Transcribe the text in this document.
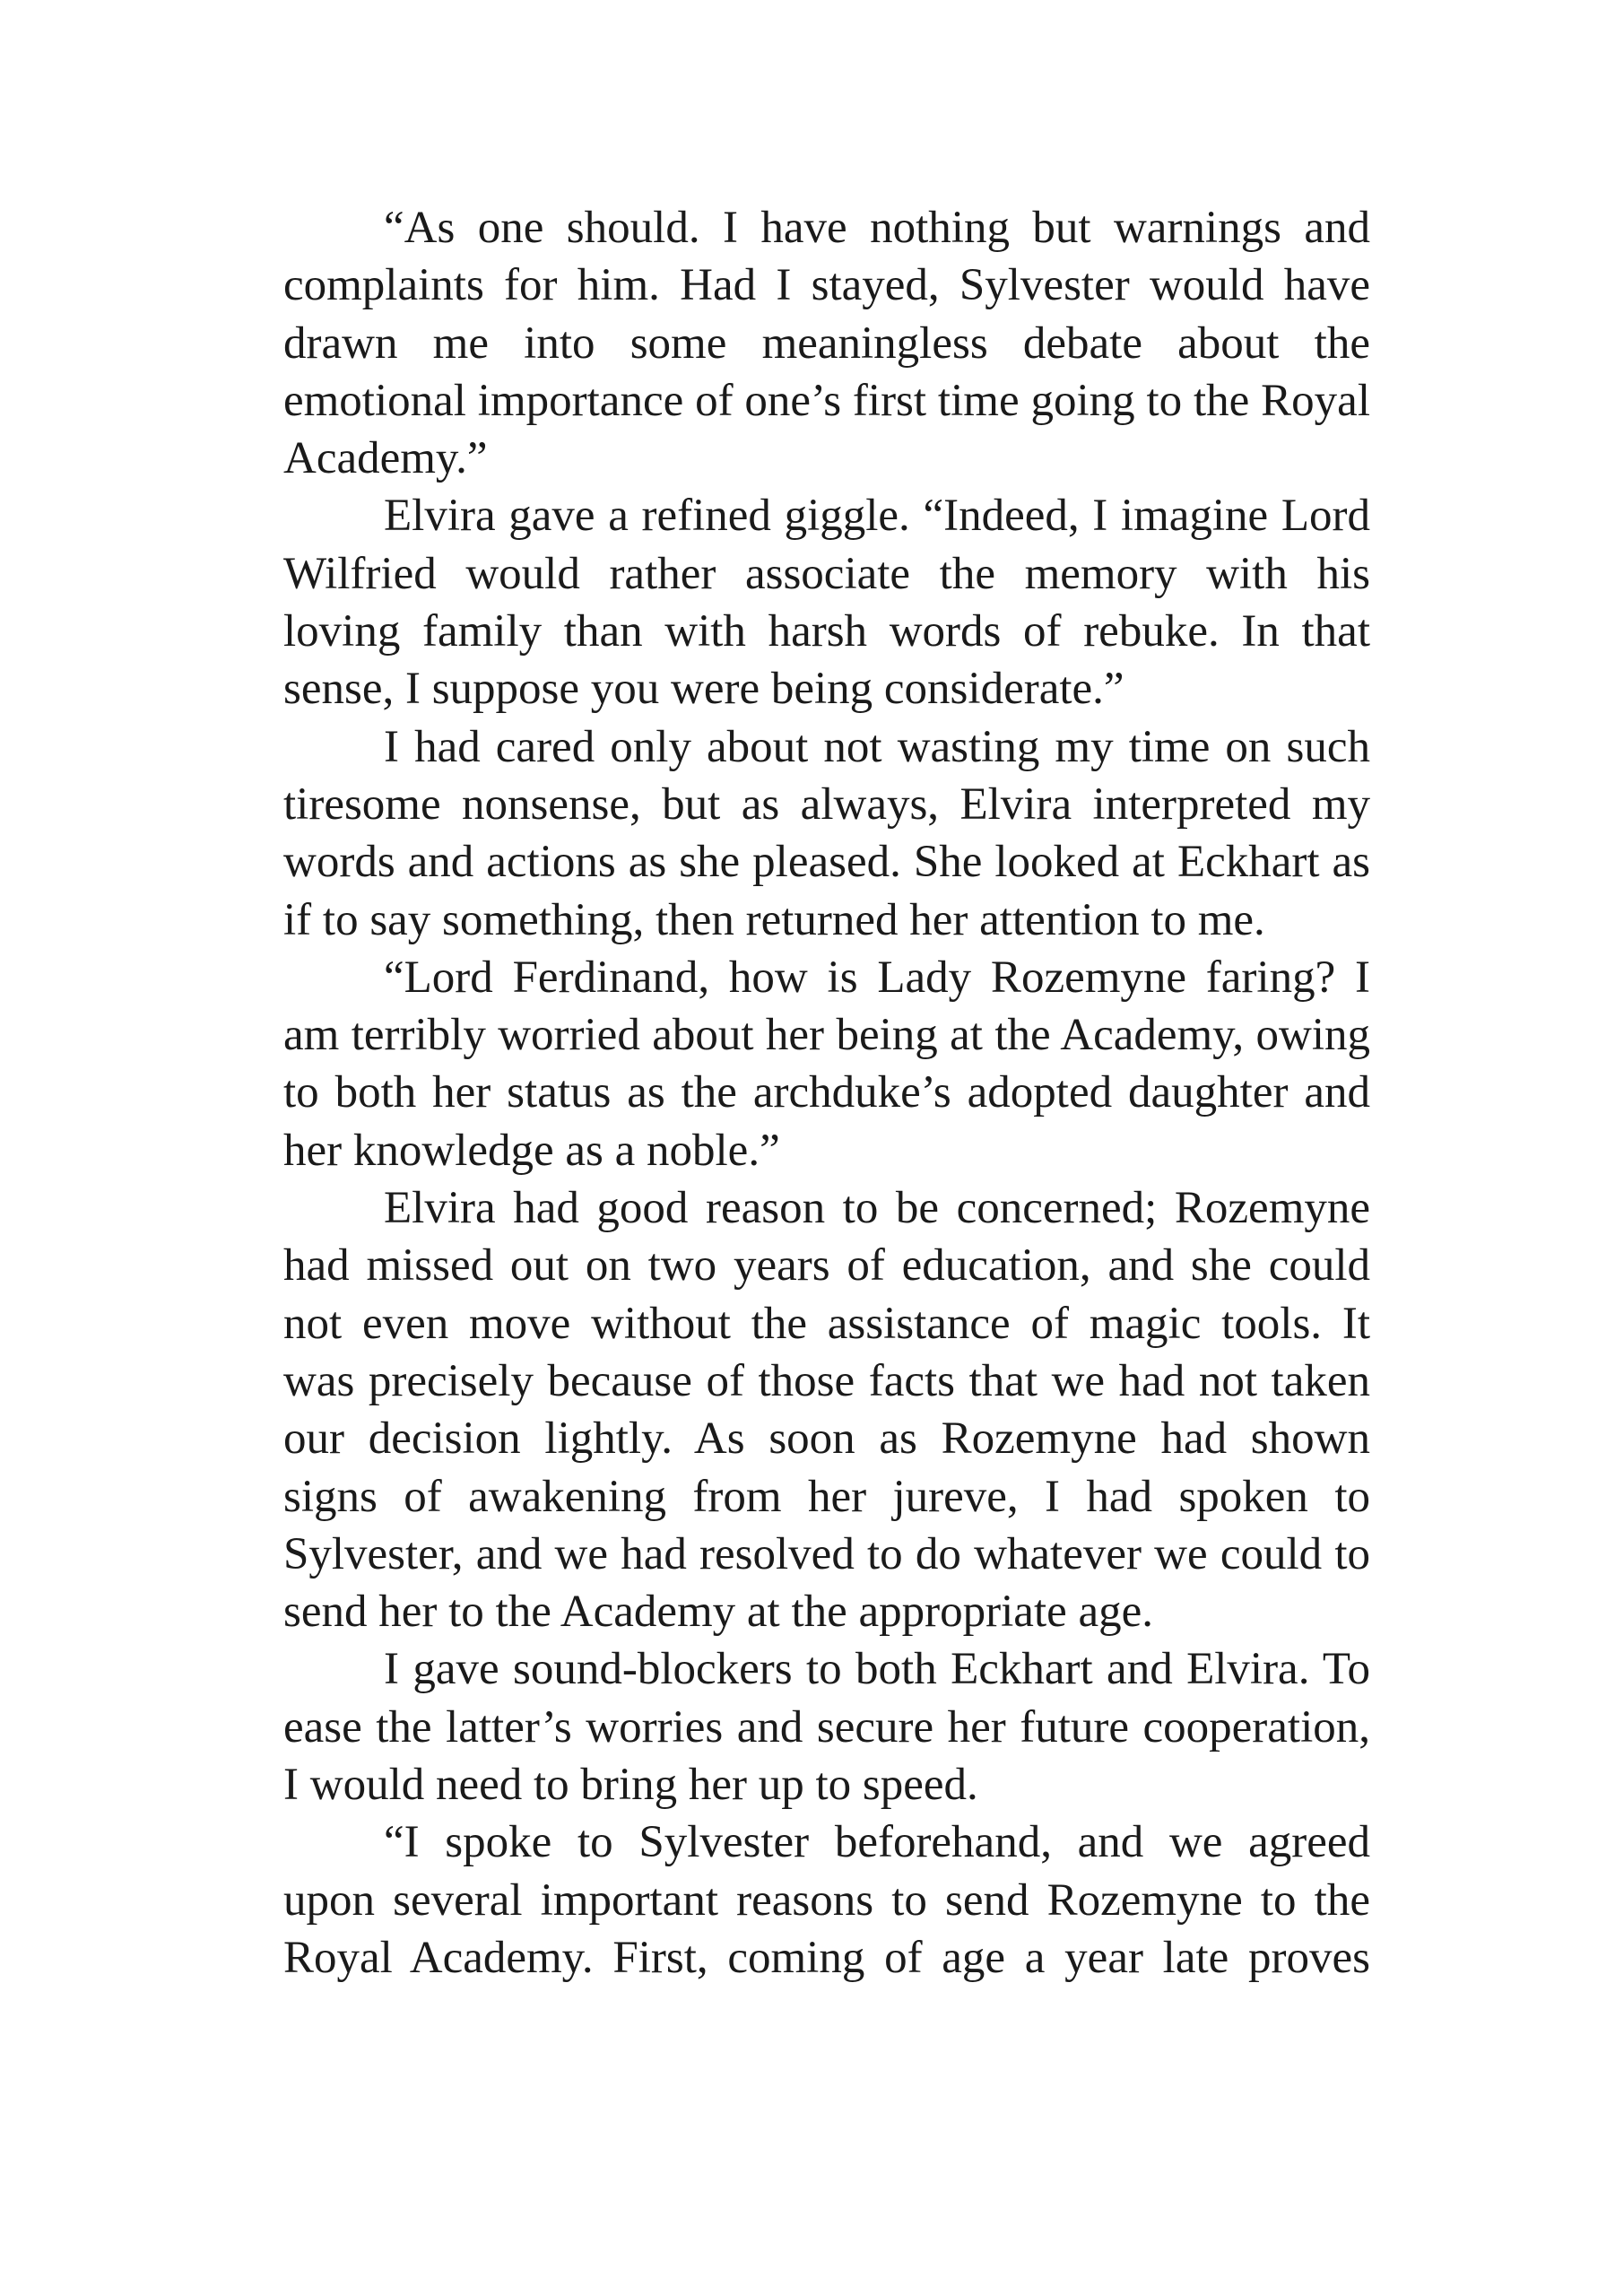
“As one should. I have nothing but warnings and complaints for him. Had I stayed, Sylvester would have drawn me into some meaningless debate about the emotional importance of one’s first time going to the Royal Academy.”

Elvira gave a refined giggle. “Indeed, I imagine Lord Wilfried would rather associate the memory with his loving family than with harsh words of rebuke. In that sense, I suppose you were being considerate.”

I had cared only about not wasting my time on such tiresome nonsense, but as always, Elvira interpreted my words and actions as she pleased. She looked at Eckhart as if to say something, then returned her attention to me.

“Lord Ferdinand, how is Lady Rozemyne faring? I am terribly worried about her being at the Academy, owing to both her status as the archduke’s adopted daughter and her knowledge as a noble.”

Elvira had good reason to be concerned; Rozemyne had missed out on two years of education, and she could not even move without the assistance of magic tools. It was precisely because of those facts that we had not taken our decision lightly. As soon as Rozemyne had shown signs of awakening from her jureve, I had spoken to Sylvester, and we had resolved to do whatever we could to send her to the Academy at the appropriate age.

I gave sound-blockers to both Eckhart and Elvira. To ease the latter’s worries and secure her future cooperation, I would need to bring her up to speed.

“I spoke to Sylvester beforehand, and we agreed upon several important reasons to send Rozemyne to the Royal Academy. First, coming of age a year late proves
